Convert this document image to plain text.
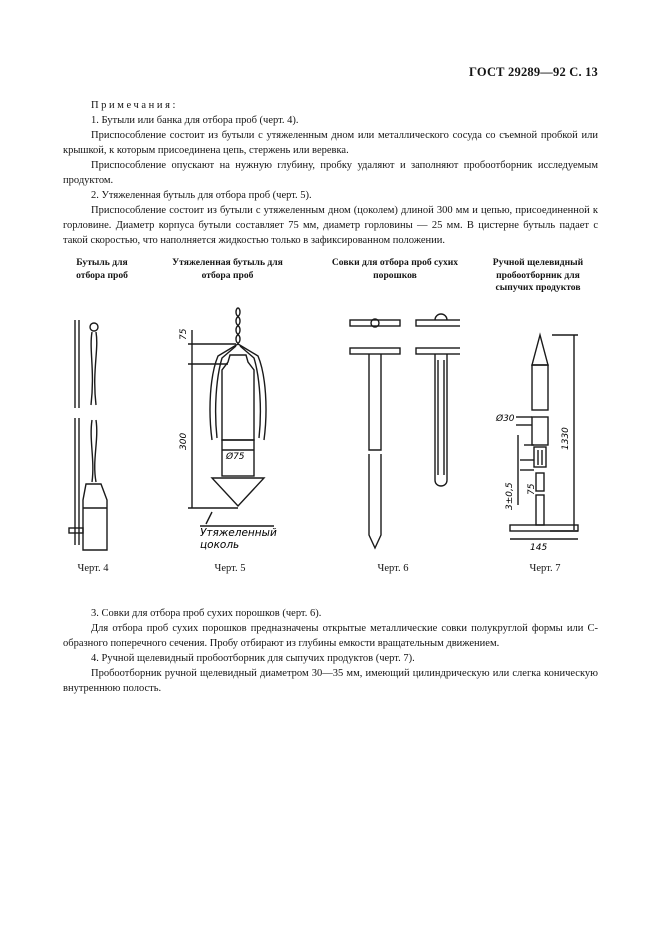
ГОСТ 29289—92 С. 13

Примечания:

1. Бутыли или банка для отбора проб (черт. 4).

Приспособление состоит из бутыли с утяжеленным дном или металлического сосуда со съемной пробкой или крышкой, к которым присоединена цепь, стержень или веревка.

Приспособление опускают на нужную глубину, пробку удаляют и заполняют пробоотборник исследуемым продуктом.

2. Утяжеленная бутыль для отбора проб (черт. 5).

Приспособление состоит из бутыли с утяжеленным дном (цоколем) длиной 300 мм и цепью, присоединенной к горловине. Диаметр корпуса бутыли составляет 75 мм, диаметр горловины — 25 мм. В цистерне бутыль падает с такой скоростью, что наполняется жидкостью только в зафиксированном положении.

Бутыль для отбора проб
Утяжеленная бутыль для отбора проб
Совки для отбора проб сухих порошков
Ручной щелевидный пробоотборник для сыпучих продуктов
75
300
Ø75
Утяжеленный
цоколь
Ø30
1330
75
3±0,5
145
Черт. 4	Черт. 5	Черт. 6	Черт. 7

3. Совки для отбора проб сухих порошков (черт. 6).

Для отбора проб сухих порошков предназначены открытые металлические совки полукруглой формы или С-образного поперечного сечения. Пробу отбирают из глубины емкости вращательным движением.

4. Ручной щелевидный пробоотборник для сыпучих продуктов (черт. 7).

Пробоотборник ручной щелевидный диаметром 30—35 мм, имеющий цилиндрическую или слегка коническую внутреннюю полость.
